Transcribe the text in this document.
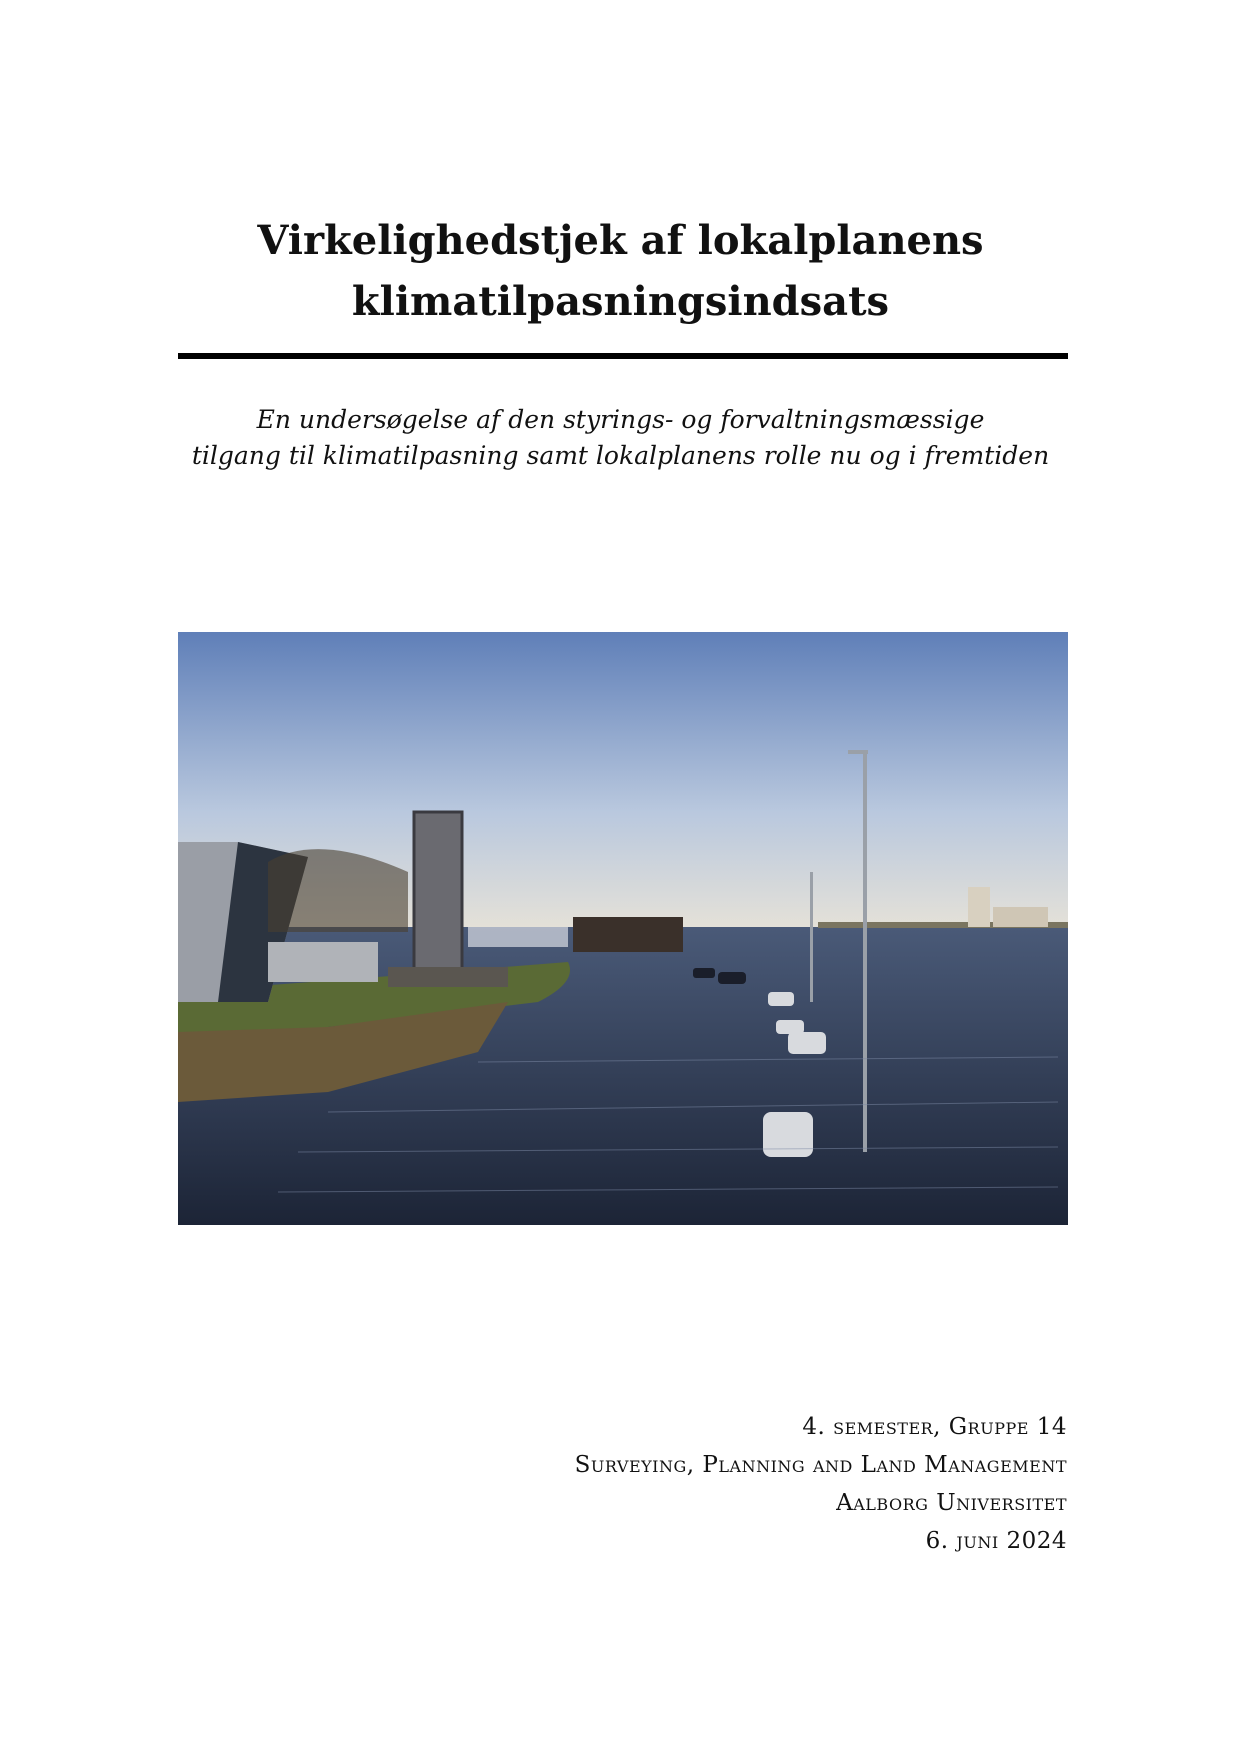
Virkelighedstjek af lokalplanens
klimatilpasningsindsats
En undersøgelse af den styrings- og forvaltningsmæssige
tilgang til klimatilpasning samt lokalplanens rolle nu og i fremtiden
4. semester, Gruppe 14
Surveying, Planning and Land Management
Aalborg Universitet
6. juni 2024
